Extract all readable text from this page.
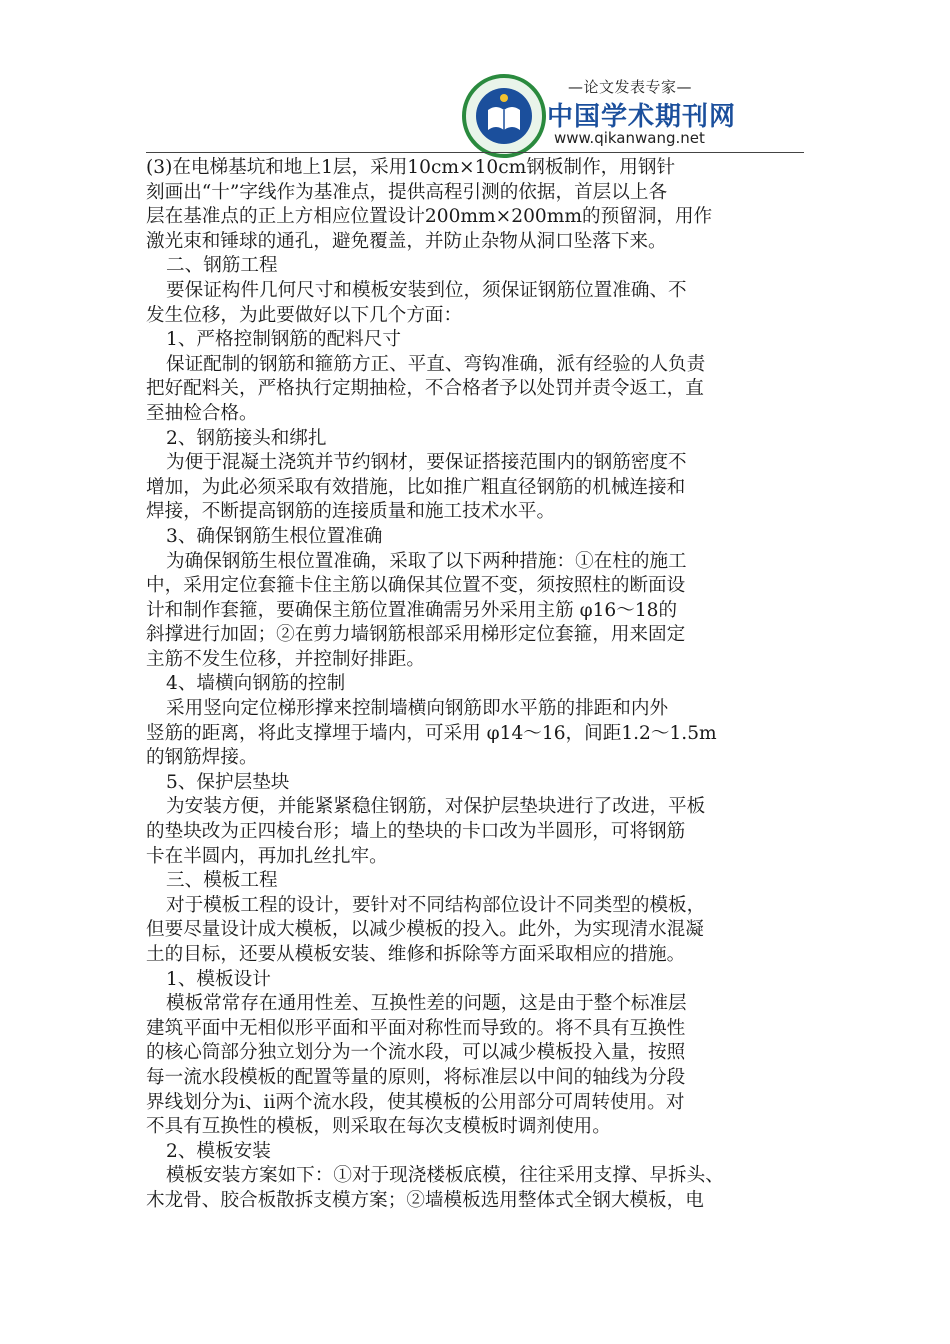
—论文发表专家—
中国学术期刊网
www.qikanwang.net
(3)在电梯基坑和地上1层，采用10cm×10cm钢板制作，用钢针
刻画出“十”字线作为基准点，提供高程引测的依据，首层以上各
层在基准点的正上方相应位置设计200mm×200mm的预留洞，用作
激光束和锤球的通孔，避免覆盖，并防止杂物从洞口坠落下来。
二、钢筋工程
要保证构件几何尺寸和模板安装到位，须保证钢筋位置准确、不
发生位移，为此要做好以下几个方面：
1、严格控制钢筋的配料尺寸
保证配制的钢筋和箍筋方正、平直、弯钩准确，派有经验的人负责
把好配料关，严格执行定期抽检，不合格者予以处罚并责令返工，直
至抽检合格。
2、钢筋接头和绑扎
为便于混凝土浇筑并节约钢材，要保证搭接范围内的钢筋密度不
增加，为此必须采取有效措施，比如推广粗直径钢筋的机械连接和
焊接，不断提高钢筋的连接质量和施工技术水平。
3、确保钢筋生根位置准确
为确保钢筋生根位置准确，采取了以下两种措施：①在柱的施工
中，采用定位套箍卡住主筋以确保其位置不变，须按照柱的断面设
计和制作套箍，要确保主筋位置准确需另外采用主筋 φ16～18的
斜撑进行加固；②在剪力墙钢筋根部采用梯形定位套箍，用来固定
主筋不发生位移，并控制好排距。
4、墙横向钢筋的控制
采用竖向定位梯形撑来控制墙横向钢筋即水平筋的排距和内外
竖筋的距离，将此支撑埋于墙内，可采用 φ14～16，间距1.2～1.5m
的钢筋焊接。
5、保护层垫块
为安装方便，并能紧紧稳住钢筋，对保护层垫块进行了改进，平板
的垫块改为正四棱台形；墙上的垫块的卡口改为半圆形，可将钢筋
卡在半圆内，再加扎丝扎牢。
三、模板工程
对于模板工程的设计，要针对不同结构部位设计不同类型的模板，
但要尽量设计成大模板，以减少模板的投入。此外，为实现清水混凝
土的目标，还要从模板安装、维修和拆除等方面采取相应的措施。
1、模板设计
模板常常存在通用性差、互换性差的问题，这是由于整个标准层
建筑平面中无相似形平面和平面对称性而导致的。将不具有互换性
的核心筒部分独立划分为一个流水段，可以减少模板投入量，按照
每一流水段模板的配置等量的原则，将标准层以中间的轴线为分段
界线划分为ⅰ、ⅱ两个流水段，使其模板的公用部分可周转使用。对
不具有互换性的模板，则采取在每次支模板时调剂使用。
2、模板安装
模板安装方案如下：①对于现浇楼板底模，往往采用支撑、早拆头、
木龙骨、胶合板散拆支模方案；②墙模板选用整体式全钢大模板，电
